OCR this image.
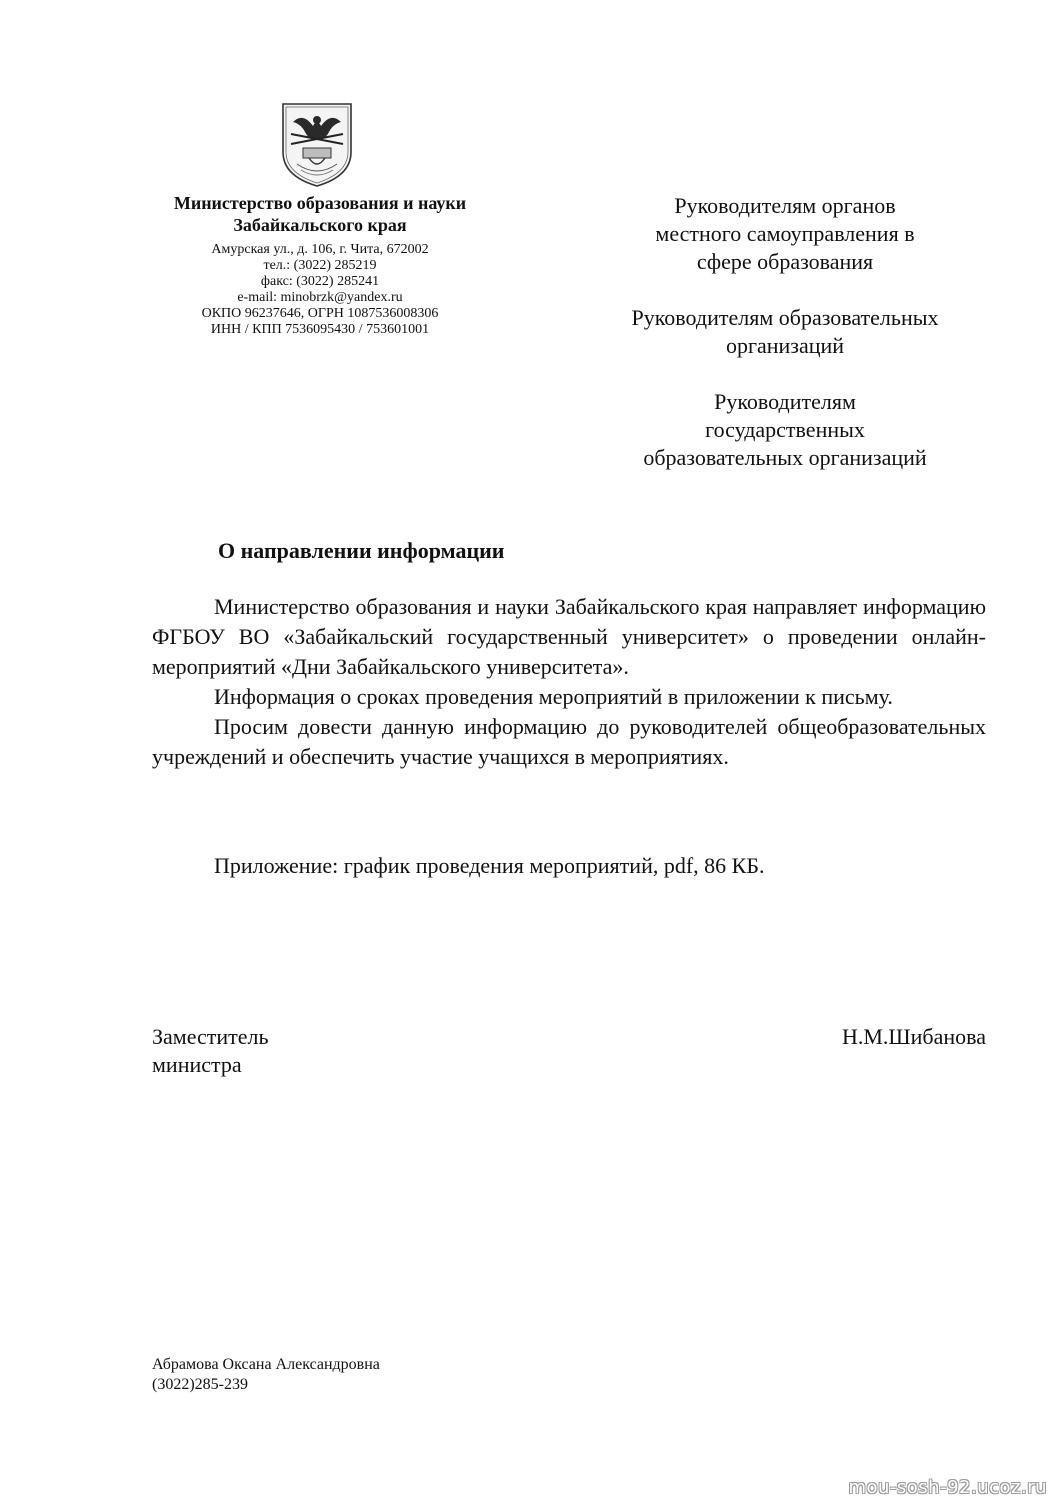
Министерство образования и науки
Забайкальского края
Амурская ул., д. 106, г. Чита, 672002
тел.: (3022) 285219
факс: (3022) 285241
e-mail: minobrzk@yandex.ru
ОКПО 96237646, ОГРН 1087536008306
ИНН / КПП 7536095430 / 753601001
Руководителям органов
местного самоуправления в
сфере образования
Руководителям образовательных
организаций
Руководителям
государственных
образовательных организаций
О направлении информации

Министерство образования и науки Забайкальского края направляет информацию ФГБОУ ВО «Забайкальский государственный университет» о проведении онлайн-мероприятий «Дни Забайкальского университета».

Информация о сроках проведения мероприятий в приложении к письму.

Просим довести данную информацию до руководителей общеобразовательных учреждений и обеспечить участие учащихся в мероприятиях.

Приложение: график проведения мероприятий, pdf, 86 КБ.
Заместитель
министра
Н.М.Шибанова
Абрамова Оксана Александровна
(3022)285-239
mou-sosh-92.ucoz.ru
